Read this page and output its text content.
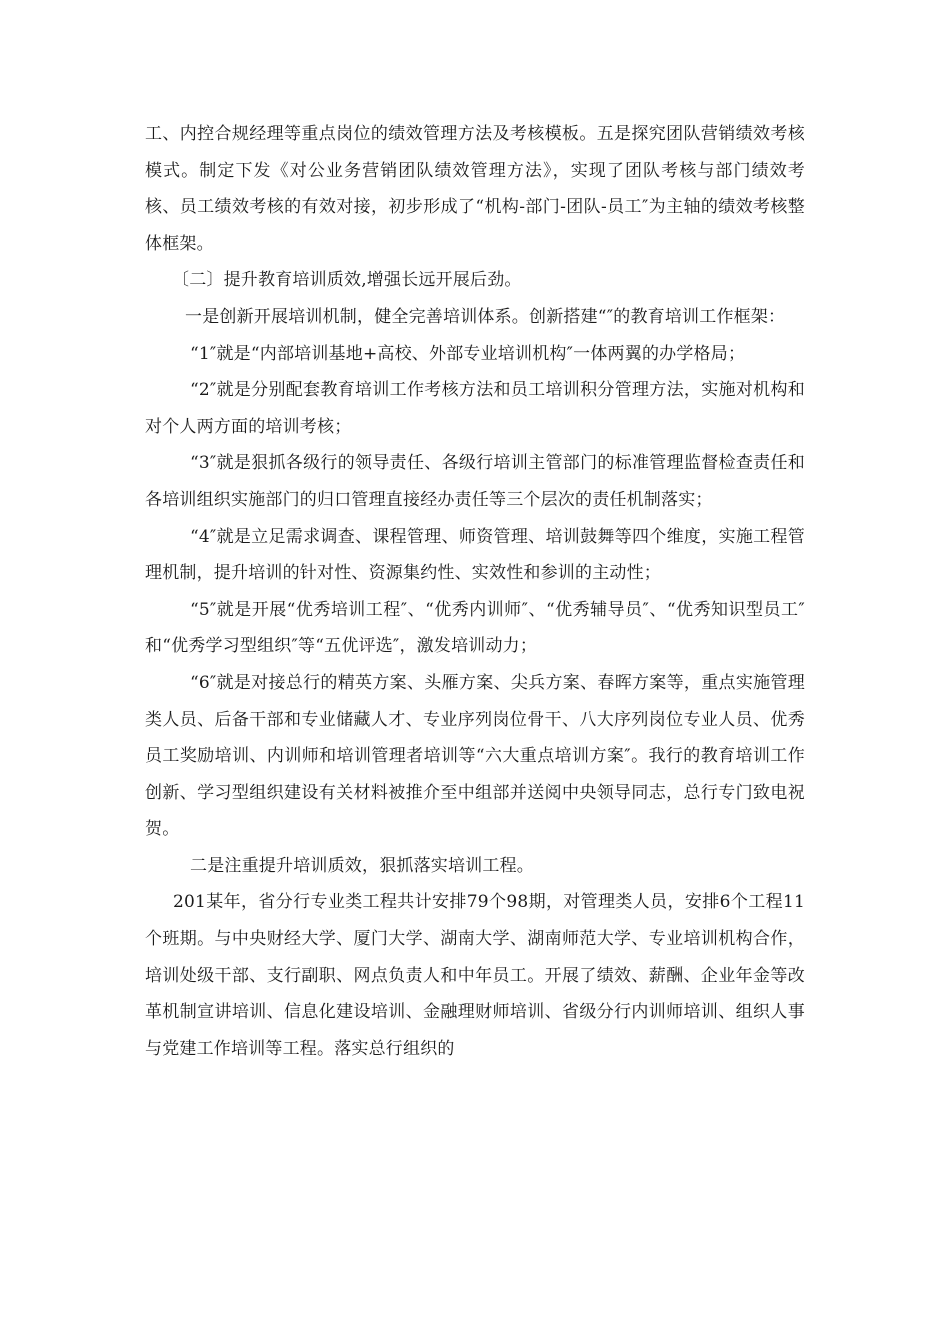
工、内控合规经理等重点岗位的绩效管理方法及考核模板。五是探究团队营销绩效考核模式。制定下发《对公业务营销团队绩效管理方法》，实现了团队考核与部门绩效考核、员工绩效考核的有效对接，初步形成了“机构-部门-团队-员工″为主轴的绩效考核整体框架。

〔二〕提升教育培训质效,增强长远开展后劲。

一是创新开展培训机制，健全完善培训体系。创新搭建“″的教育培训工作框架：

“1″就是“内部培训基地+高校、外部专业培训机构″一体两翼的办学格局；

“2″就是分别配套教育培训工作考核方法和员工培训积分管理方法，实施对机构和对个人两方面的培训考核；

“3″就是狠抓各级行的领导责任、各级行培训主管部门的标准管理监督检查责任和各培训组织实施部门的归口管理直接经办责任等三个层次的责任机制落实；

“4″就是立足需求调查、课程管理、师资管理、培训鼓舞等四个维度，实施工程管理机制，提升培训的针对性、资源集约性、实效性和参训的主动性；

“5″就是开展“优秀培训工程″、“优秀内训师″、“优秀辅导员″、“优秀知识型员工″和“优秀学习型组织″等“五优评选″，激发培训动力；

“6″就是对接总行的精英方案、头雁方案、尖兵方案、春晖方案等，重点实施管理类人员、后备干部和专业储藏人才、专业序列岗位骨干、八大序列岗位专业人员、优秀员工奖励培训、内训师和培训管理者培训等“六大重点培训方案″。我行的教育培训工作创新、学习型组织建设有关材料被推介至中组部并送阅中央领导同志，总行专门致电祝贺。

二是注重提升培训质效，狠抓落实培训工程。

201某年，省分行专业类工程共计安排79个98期，对管理类人员，安排6个工程11个班期。与中央财经大学、厦门大学、湖南大学、湖南师范大学、专业培训机构合作，培训处级干部、支行副职、网点负责人和中年员工。开展了绩效、薪酬、企业年金等改革机制宣讲培训、信息化建设培训、金融理财师培训、省级分行内训师培训、组织人事与党建工作培训等工程。落实总行组织的
